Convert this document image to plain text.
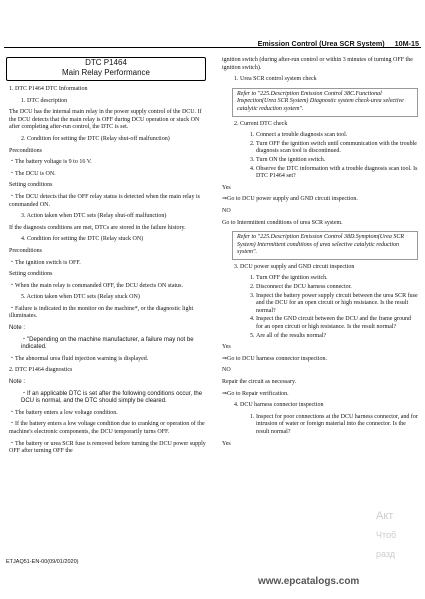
Emission Control (Urea SCR System) 10M-15
DTC P1464
Main Relay Performance

1. DTC P1464 DTC Information

1. DTC description

The DCU has the internal main relay in the power supply control of the DCU. If the DCU detects that the main relay is OFF during DCU operation or stuck ON after completing after-run control, the DTC is set.

2. Condition for setting the DTC (Relay shut-off malfunction)

Preconditions

・The battery voltage is 9 to 16 V.

・The DCU is ON.

Setting conditions

・The DCU detects that the OFF relay status is detected when the main relay is commanded ON.

3. Action taken when DTC sets (Relay shut-off malfunction)

If the diagnosis conditions are met, DTCs are stored in the failure history.

4. Condition for setting the DTC (Relay stuck ON)

Preconditions

・The ignition switch is OFF.

Setting conditions

・When the main relay is commanded OFF, the DCU detects ON status.

5. Action taken when DTC sets (Relay stuck ON)

・Failure is indicated in the monitor on the machine*, or the diagnostic light illuminates.

Note :

・"Depending on the machine manufacturer, a failure may not be indicated.

・The abnormal urea fluid injection warning is displayed.

2. DTC P1464 diagnostics

Note :

・If an applicable DTC is set after the following conditions occur, the DCU is normal, and the DTC should simply be cleared.

・The battery enters a low voltage condition.

・If the battery enters a low voltage condition due to cranking or operation of the machine's electronic components, the DCU temporarily turns OFF.

・The battery or urea SCR fuse is removed before turning the DCU power supply OFF after turning OFF the

ignition switch (during after-run control or within 3 minutes of turning OFF the ignition switch).

1. Urea SCR control system check

Refer to "225.Description Emission Control 38C.Functional Inspection(Urea SCR System) Diagnostic system check-urea selective catalytic reduction system".

2. Current DTC check

1. Connect a trouble diagnosis scan tool.
2. Turn OFF the ignition switch until communication with the trouble diagnosis scan tool is discontinued.
3. Turn ON the ignition switch.
4. Observe the DTC information with a trouble diagnosis scan tool. Is DTC P1464 set?

Yes

⇒Go to DCU power supply and GND circuit inspection.

NO

Go to Intermittent conditions of urea SCR system.

Refer to "225.Description Emission Control 38D.Symptom(Urea SCR System) Intermittent conditions of urea selective catalytic reduction system".

3. DCU power supply and GND circuit inspection

1. Turn OFF the ignition switch.
2. Disconnect the DCU harness connector.
3. Inspect the battery power supply circuit between the urea SCR fuse and the DCU for an open circuit or high resistance. Is the result normal?
4. Inspect the GND circuit between the DCU and the frame ground for an open circuit or high resistance. Is the result normal?
5. Are all of the results normal?

Yes

⇒Go to DCU harness connector inspection.

NO

Repair the circuit as necessary.

⇒Go to Repair verification.

4. DCU harness connector inspection

1. Inspect for poor connections at the DCU harness connector, and for intrusion of water or foreign material into the connector. Is the result normal?

Yes

Акт
Чтоб
разд
ETJAQ51-EN-00(09/01/2020)
www.epcatalogs.com
